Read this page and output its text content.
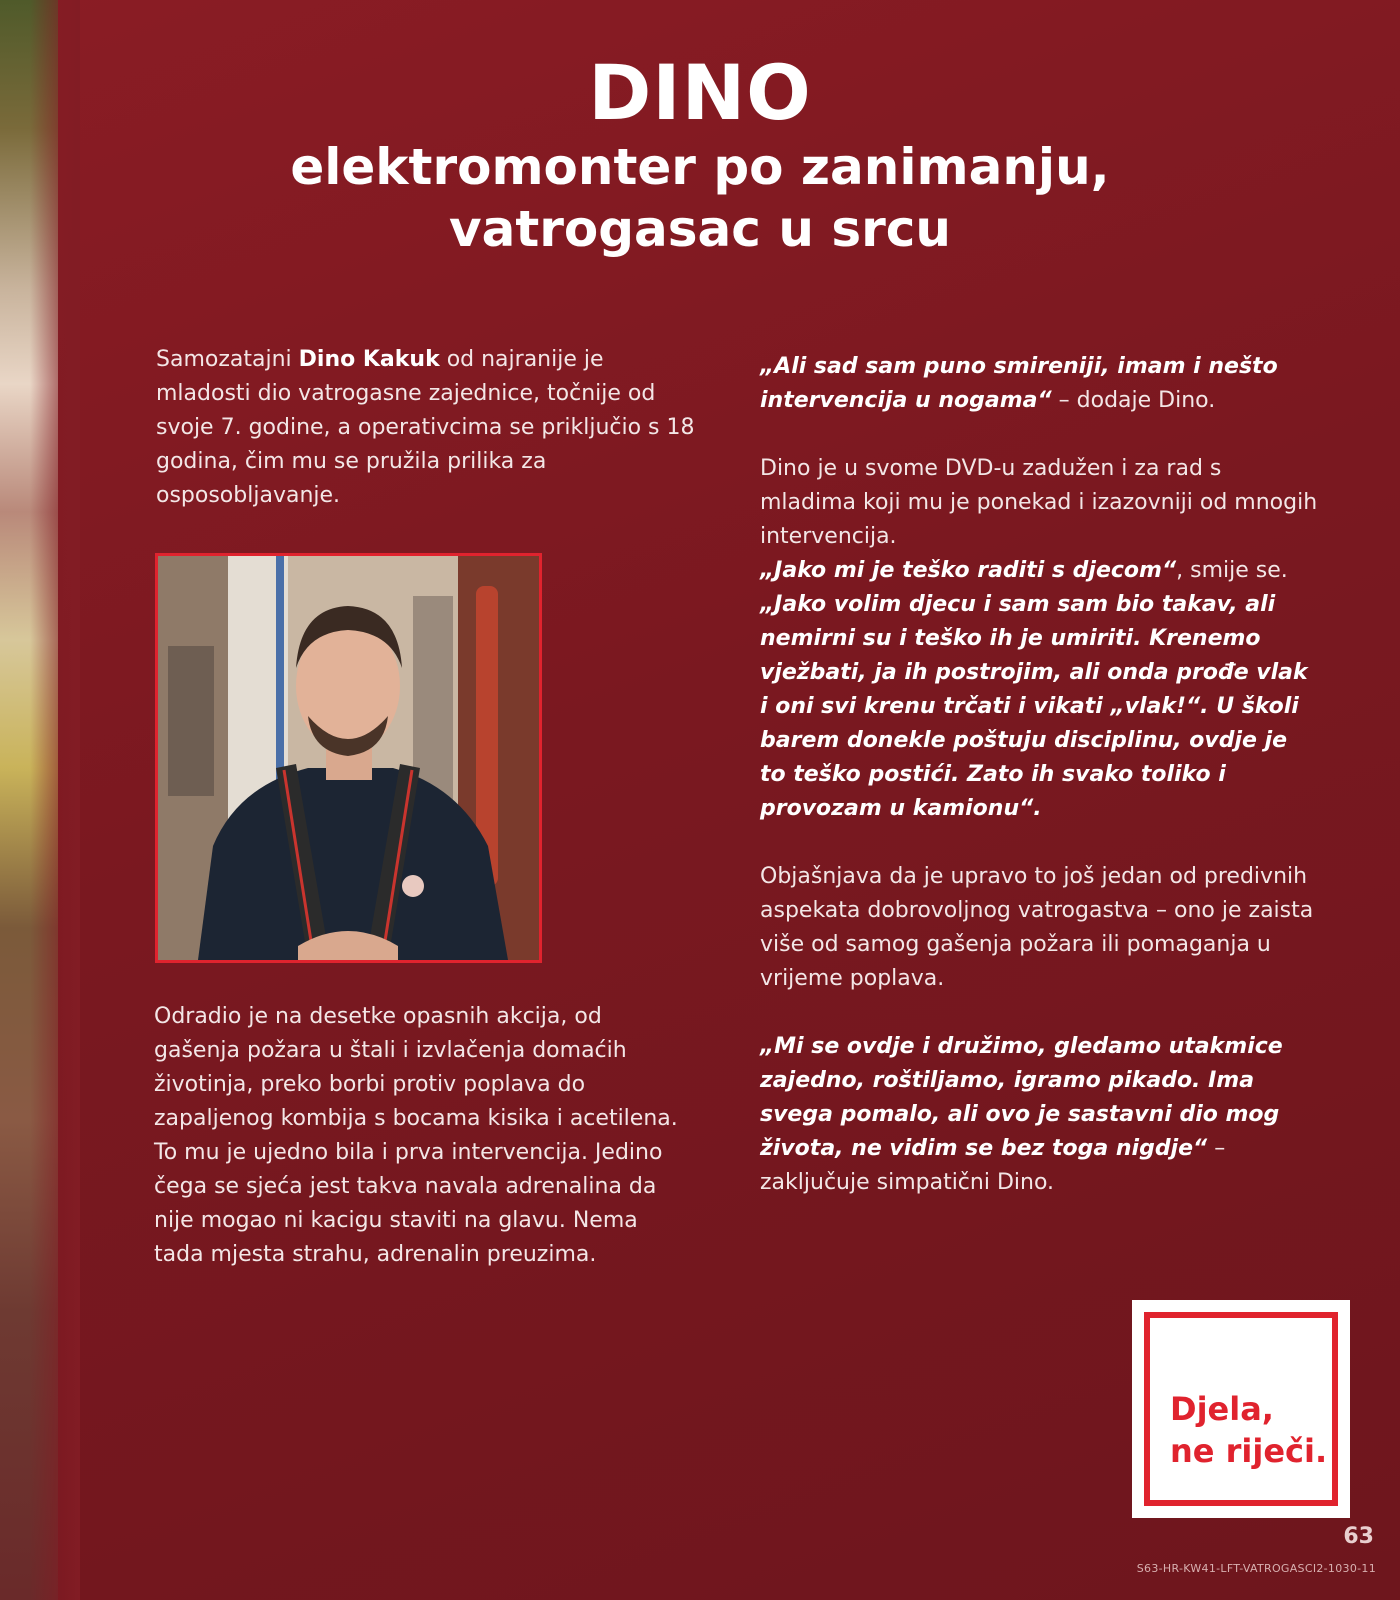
DINO
elektromonter po zanimanju,
vatrogasac u srcu
Samozatajni Dino Kakuk od najranije je mladosti dio vatrogasne zajednice, točnije od svoje 7. godine, a operativcima se priključio s 18 godina, čim mu se pružila prilika za osposobljavanje.
Odradio je na desetke opasnih akcija, od gašenja požara u štali i izvlačenja domaćih životinja, preko borbi protiv poplava do zapaljenog kombija s bocama kisika i acetilena. To mu je ujedno bila i prva intervencija. Jedino čega se sjeća jest takva navala adrenalina da nije mogao ni kacigu staviti na glavu. Nema tada mjesta strahu, adrenalin preuzima.

„Ali sad sam puno smireniji, imam i nešto intervencija u nogama“ – dodaje Dino.

Dino je u svome DVD-u zadužen i za rad s mladima koji mu je ponekad i izazovniji od mnogih intervencija.
„Jako mi je teško raditi s djecom“, smije se.
„Jako volim djecu i sam sam bio takav, ali nemirni su i teško ih je umiriti. Krenemo vježbati, ja ih postrojim, ali onda prođe vlak i oni svi krenu trčati i vikati „vlak!“. U školi barem donekle poštuju disciplinu, ovdje je to teško postići. Zato ih svako toliko i provozam u kamionu“.

Objašnjava da je upravo to još jedan od predivnih aspekata dobrovoljnog vatrogastva – ono je zaista više od samog gašenja požara ili pomaganja u vrijeme poplava.

„Mi se ovdje i družimo, gledamo utakmice zajedno, roštiljamo, igramo pikado. Ima svega pomalo, ali ovo je sastavni dio mog života, ne vidim se bez toga nigdje“ – zaključuje simpatični Dino.

Djela,
ne riječi.
63
S63-HR-KW41-LFT-VATROGASCI2-1030-11
